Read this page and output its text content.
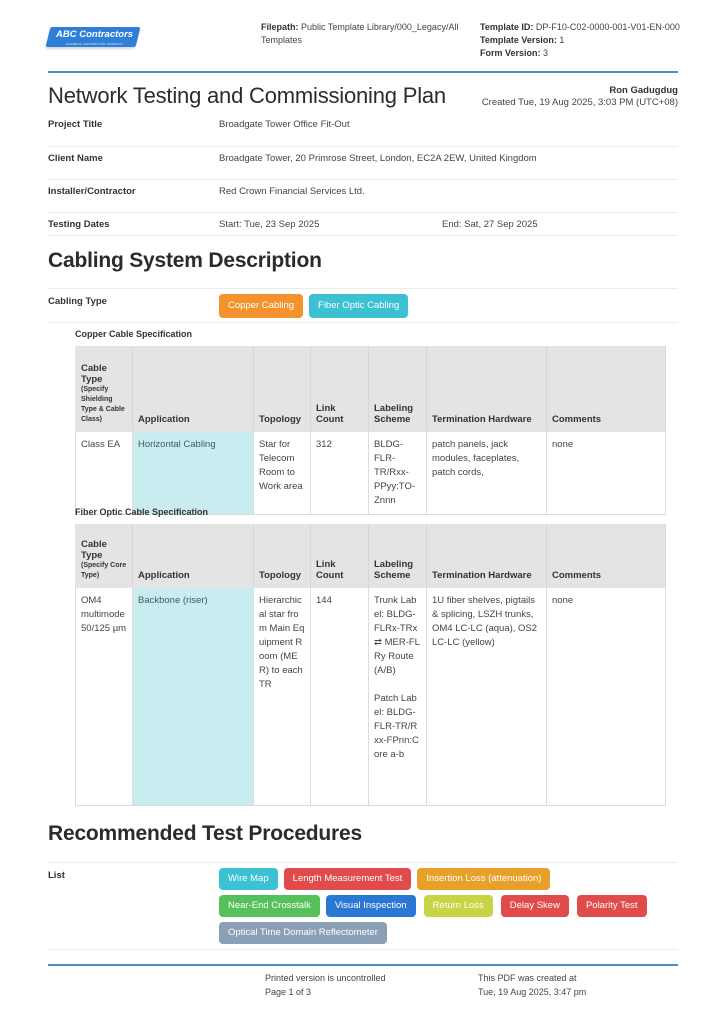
ABC Contractors
EXAMPLE CONTRACTOR COMPANY
Filepath: Public Template Library/000_Legacy/All Templates
Template ID: DP-F10-C02-0000-001-V01-EN-000
Template Version: 1
Form Version: 3
Network Testing and Commissioning Plan	Ron Gadugdug
Created Tue, 19 Aug 2025, 3:03 PM (UTC+08)
Project Title	Broadgate Tower Office Fit-Out
Client Name	Broadgate Tower, 20 Primrose Street, London, EC2A 2EW, United Kingdom
Installer/Contractor	Red Crown Financial Services Ltd.
Testing Dates	Start: Tue, 23 Sep 2025	End: Sat, 27 Sep 2025
Cabling System Description
Cabling Type	Copper Cabling	Fiber Optic Cabling
Copper Cable Specification
Cable Type
(Specify Shielding Type & Cable Class)	Application	Topology	Link Count	Labeling Scheme	Termination Hardware	Comments
Class EA	Horizontal Cabling	Star for Telecom Room to Work area	312	BLDG-FLR-TR/Rxx-PPyy:TO-Znnn	patch panels, jack modules, faceplates, patch cords,	none
Fiber Optic Cable Specification
Cable Type
(Specify Core Type)	Application	Topology	Link Count	Labeling Scheme	Termination Hardware	Comments
OM4 multimode 50/125 µm	Backbone (riser)	Hierarchical star from Main Equipment Room (MER) to each TR	144	Trunk Label: BLDG-FLRx-TRx ⇄ MER-FLRy Route(A/B)
Patch Label: BLDG-FLR-TR/Rxx-FPnn:Core a-b	1U fiber shelves, pigtails & splicing, LSZH trunks, OM4 LC-LC (aqua), OS2 LC-LC (yellow)	none
Recommended Test Procedures
List	Wire Map	Length Measurement Test	Insertion Loss (attenuation)
Near-End Crosstalk	Visual Inspection	Return Loss	Delay Skew	Polarity Test
Optical Time Domain Reflectometer
Printed version is uncontrolled
Page 1 of 3
This PDF was created at
Tue, 19 Aug 2025, 3:47 pm
